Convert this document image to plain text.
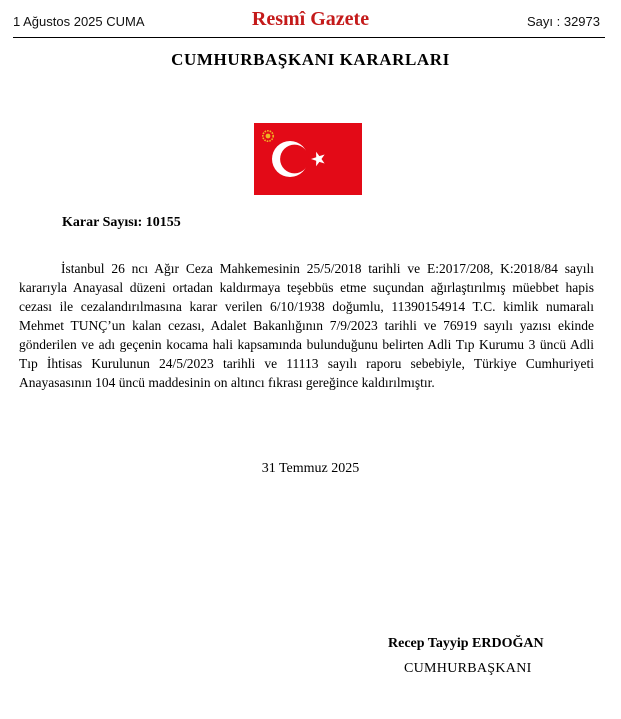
1 Ağustos 2025 CUMA	Resmî Gazete	Sayı : 32973
CUMHURBAŞKANI KARARLARI
Karar Sayısı: 10155

İstanbul 26 ncı Ağır Ceza Mahkemesinin 25/5/2018 tarihli ve E:2017/208, K:2018/84 sayılı kararıyla Anayasal düzeni ortadan kaldırmaya teşebbüs etme suçundan ağırlaştırılmış müebbet hapis cezası ile cezalandırılmasına karar verilen 6/10/1938 doğumlu, 11390154914 T.C. kimlik numaralı Mehmet TUNÇ’un kalan cezası, Adalet Bakanlığının 7/9/2023 tarihli ve 76919 sayılı yazısı ekinde gönderilen ve adı geçenin kocama hali kapsamında bulunduğunu belirten Adli Tıp Kurumu 3 üncü Adli Tıp İhtisas Kurulunun 24/5/2023 tarihli ve 11113 sayılı raporu sebebiyle, Türkiye Cumhuriyeti Anayasasının 104 üncü maddesinin on altıncı fıkrası gereğince kaldırılmıştır.

31 Temmuz 2025
Recep Tayyip ERDOĞAN
CUMHURBAŞKANI
